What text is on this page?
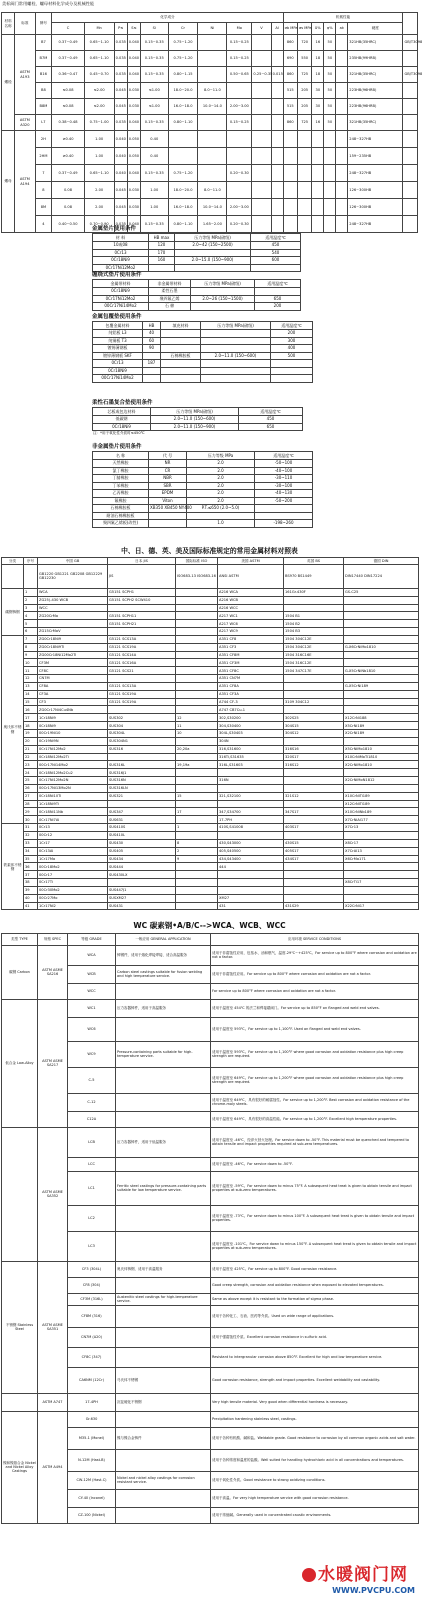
美标阀门常用螺栓、螺母材料化学成分及机械性能
材料名称	标准	牌号	化学成分										机械性能						
			C	Mn	P≤	S≤	Si	Cr	Ni	Mo	V	Al	σb MPa	σs MPa	δ%	ψ%	ak	硬度	
螺栓	ASTM A193	B7	0.37~0.49	0.65~1.10	0.035	0.040	0.15~0.35	0.75~1.20		0.15~0.25			860	720	16	50		321HB(35HRC)	GB/T3098
		B7M	0.37~0.49	0.65~1.10	0.035	0.040	0.15~0.35	0.75~1.20		0.15~0.25			690	550	18	50		235HB(99HRB)	
		B16	0.36~0.47	0.45~0.70	0.035	0.040	0.15~0.35	0.80~1.15		0.50~0.65	0.25~0.35	0.015	860	725	18	50		321HB(35HRC)	GB/T3098
		B8	≤0.08	≤2.00	0.045	0.030	≤1.00	18.0~20.0	8.0~11.0				515	205	30	50		223HB(96HRB)	
		B8M	≤0.08	≤2.00	0.045	0.030	≤1.00	16.0~18.0	10.0~14.0	2.00~3.00			515	205	30	50		223HB(96HRB)	
	ASTM A320	L7	0.38~0.48	0.75~1.00	0.035	0.040	0.15~0.35	0.80~1.10		0.15~0.25			860	725	16	50		321HB(35HRC)	
螺母	ASTM A194	2H	≥0.40	1.00	0.040	0.050	0.40											248~327HB	
		2HM	≥0.40	1.00	0.040	0.050	0.40											159~235HB	
		7	0.37~0.49	0.65~1.10	0.040	0.040	0.15~0.35	0.75~1.20		0.20~0.30								248~327HB	
		8	0.08	2.00	0.045	0.030	1.00	18.0~20.0	8.0~11.0									126~300HB	
		8M	0.08	2.00	0.045	0.030	1.00	16.0~18.0	10.0~14.0	2.00~3.00								126~300HB	
		4	0.40~0.50	0.70~0.90	0.035	0.040	0.15~0.35	0.80~1.10	1.65~2.00	0.20~0.30								248~327HB	
金属垫片使用条件
材 料	HB max	压力等级 MPa(磅级)	适用温度℃
10或08	120	2.0~42 (150~2500)	450
0Cr13	170		540
0Cr18Ni9	160	2.0~15.0 (150~900)	600
0Cr17Ni12Mo2			
缠绕式垫片使用条件
金属带材料	非金属带材料	压力等级 MPa(磅级)	适用温度℃
0Cr18Ni9	柔性石墨		
0Cr17Ni12Mo2	聚四氟乙烯	2.0~26 (150~1500)	650
00Cr17Ni14Mo2	石 棉		200
金属包覆垫使用条件
包覆金属材料	HB	填充材料	压力等级 MPa(磅级)	适用温度℃
纯铝板 L3	40			200
纯铜板 T3	60			300
镀锡薄钢板	90			400
镀锌薄钢板 SKF		石棉橡胶板	2.0~11.0 (150~600)	500
0Cr13	187			
0Cr18Ni9				
00Cr17Ni14Mo2				
柔性石墨复合垫使用条件
芯板或包边材料	压力等级 MPa(磅级)	适用温度℃
低碳钢	2.0~11.0 (150~600)	450
0Cr18Ni9	2.0~11.0 (150~900)	650
注：*用于氧化性介质时≤450℃
非金属垫片使用条件
名 称	代 号	压力等级 MPa	适用温度℃
天然橡胶	NR	2.0	-50~100
氯丁橡胶	CR	2.0	-40~100
丁腈橡胶	NBR	2.0	-30~110
丁苯橡胶	SBR	2.0	-30~100
乙丙橡胶	EPDM	2.0	-40~130
氟橡胶	Viton	2.0	-50~200
石棉橡胶板	XB350 XB450 NY400	P.T.≤650 (2.0~5.0)	
耐油石棉橡胶板			
聚四氟乙烯板(改性)		1.0	-198~260
中、日、德、英、美及国际标准规定的常用金属材料对照表
分类	序号	中国 GB	日本 JIS	国际标准 ISO	美国 ASTM	英国 BS	德国 DIN
		GB1220 GB1221 GB2208 GB12229 GB12230	JIS	ISO683-13 ISO683-16	ANSI ASTM	BS970 BS1449	DIN17440 DIN17224
碳钢铸钢	1	WCA	G5151 SCPH1		A216 WCA	161Gr.430F	GS-C25
	2	ZG25(-430 WCB	G5151 SCPH2 SCW410		A216 WCB		
	3	WCC			A216 WCC		
	4	ZG20CrMo	G5151 SCPH11		A217 WC1	1504 B1	
	5		G5151 SCPH21		A217 WC6	1504 B2	
	6	ZG15CrMoV			A217 WC9	1504 B3	
奥氏体不锈钢	7	ZG0Cr18Ni9	G5121 SCS13A		A351 CF8	1504 304C12E	
	8	ZG0Cr18Ni9Ti	G5121 SCS19A		A351 CF3	1504 304C12E	G-X6CrNiMo1810
	9	ZG00Cr18Ni12Mo2Ti	G5121 SCS14A		A351 CF8M	1504 316C16E	
	10	CF3M	G5121 SCS16A		A351 CF3M	1504 316C12E	
	11	CF8C	G5121 SCS21		A351 CF8C	1504 347C17E	G-X5CrNiNb1810
	12	CN7M			A351 CN7M		
	13	CF8A	G5121 SCS13A		A351 CF8A		G-X5CrNi189
	14	CF3A	G5121 SCS19A		A351 CF3A		
	15	CF3	G5121 SCS19A		A744 CF-3	3109 304C12	
	16	ZG0Cr17Ni4Cu4Nb			A747 CB7Cu-1		
	17	1Cr18Ni9	SUS302	12	302,S30200	302S25	X12CrNi188
	18	0Cr18Ni9	SUS304	11	304,S30400	304S15	X5CrNi189
	19	00Cr19Ni10	SUS304L	10	304L,S30403	304S12	X2CrNi189
	20	0Cr19Ni9N	SUS304N1		304N		
	21	0Cr17Ni12Mo2	SUS316	20,20a	316,S31600	316S16	X5CrNiMo1810
	22	0Cr18Ni12Mo2Ti			316Ti,S31635	320S17	X10CrNiMoTi1810
	23	00Cr17Ni14Mo2	SUS316L	19,19a	316L,S31603	316S12	X2CrNiMo1810
	24	0Cr18Ni12Mo2Cu2	SUS316J1				
	25	0Cr17Ni12Mo2N	SUS316N		316N		X2CrNiMoN1812
	26	00Cr17Ni13Mo2N	SUS316LN				
	27	0Cr18Ni10Ti	SUS321	15	321,S32100	321S12	X10CrNiTi189
	28	1Cr18Ni9Ti					X12CrNiTi189
	29	0Cr18Ni11Nb	SUS347	17	347,S34700	347S17	X10CrNiNb189
	30	0Cr17Ni7Al	SUS631		17-7PH		X7CrNiAl177
铁素体不锈钢	31	0Cr13	SUS410S	1	410S,S41008	403S17	X7Cr13
	32	00Cr12	SUS410L				
	33	1Cr17	SUS430	8	430,S43000	430S15	X8Cr17
	34	0Cr13Al	SUS405	2	405,S40500	405S17	X7CrAl13
	35	1Cr17Mo	SUS434	9	434,S43400	434S17	X6CrMo171
	36	00Cr18Mo2	SUS444		444		
	37	00Cr17	SUS430LX				
	38	0Cr17Ti					X8CrTi17
	39	00Cr30Mo2	SUS447J1				
	40	00Cr27Mo	SUSXM27		XM27		
	41	1Cr17Ni2	SUS431		431	431S29	X22CrNi17
WC 碳素钢•A/B/C-->WCA、WCB、WCC
类型 TYPE	规格 SPEC	等级 GRADE	一般应用 GENERAL APPLICATION	应用环境 SERVICE CONDITIONS
碳钢 Carbon	ASTM ASME SA216	WCA	铸钢件，适用于熔化焊接焊接、适合高温服务	适用于非腐蚀性应用，包括水、油和燃气，温度-29℃~+425℃。For service up to 800°F where corrosion and oxidation are not a factor.
		WCB	Carbon steel castings suitable for fusion welding and high temperature service.	适用于非腐蚀性应用。For service up to 800°F where corrosion and oxidation are not a factor.
		WCC		For service up to 800°F where corrosion and oxidation are not a factor.
低合金 Low-Alloy	ASTM ASME SA217	WC1	压力容器铸件，适用于高温服务	适用于温度至 454℃ 的法兰和焊接端阀门。For service up to 850°F on flanged and weld end valves.
		WC6		适用于温度至 593℃。For service up to 1,100°F. Used on flanged and weld end valves.
		WC9	Pressure-containing parts suitable for high-temperature service.	适用于温度至 593℃。For service up to 1,100°F where good corrosion and oxidation resistance plus high creep strength are required.
		C-5		适用于温度至 649℃。For service up to 1,200°F where good corrosion and oxidation resistance plus high creep strength are required.
		C-12		适用于温度至 649℃，具有很好的耐腐蚀性。For service up to 1,200°F. Best corrosion and oxidation resistance of the chrome-moly steels.
		C12A		适用于温度至 649℃，具有很好的高温性能。For service up to 1,200°F. Excellent high temperature properties.
	ASTM ASME SA352	LCB	压力容器铸件，适用于低温服务	适用于温度至 -46℃，经淬火回火处理。For service down to -50°F. This material must be quenched and tempered to obtain tensile and impact properties required at sub-zero temperatures.
		LCC		适用于温度至 -46℃。For service down to -50°F.
		LC1	Ferritic steel castings for pressure-containing parts suitable for low temperature service.	适用于温度至 -59℃。For service down to minus 75°F. A subsequent heat treat is given to obtain tensile and impact properties at sub-zero temperatures.
		LC2		适用于温度至 -73℃。For service down to minus 100°F. A subsequent heat treat is given to obtain tensile and impact properties.
		LC3		适用于温度至 -101℃。For service down to minus 150°F. A subsequent heat treat is given to obtain tensile and impact properties at sub-zero temperatures.
不锈钢 Stainless Steel	ASTM ASME SA351	CF3 (304L)	奥氏体铸钢，适用于高温服务	适用于温度至 425℃。For service up to 800°F. Good corrosion resistance.
		CF8 (304)		Good creep strength, corrosion and oxidation resistance when exposed to elevated temperatures.
		CF3M (316L)	Austenitic steel castings for high-temperature service.	Same as above except it is resistant to the formation of sigma phase.
		CF8M (316)		适用于各种化工、石油、医药等介质。Used on wide range of applications.
		CN7M (A20)		适用于强腐蚀性介质。Excellent corrosion resistance in sulfuric acid.
		CF8C (347)		Resistant to intergranular corrosion above 850°F. Excellent for high and low temperature service.
		CA6NM (12Cr)	马氏体不锈钢	Good corrosion resistance, strength and impact properties. Excellent weldability and castability.
	ASTM A747	17-4PH	沉淀硬化不锈钢	Very high tensile material. Very good when differential hardness is necessary.
镍和镍基合金 Nickel and Nickel Alloy Castings	ASTM A494	Gr.630		Precipitation hardening stainless steel, castings.
		M35-1 (Monel)	镍与镍合金铸件	适用于各种有机酸、碱和盐。Weldable grade. Good resistance to corrosion by all common organic acids and salt water.
		N-12M (Hast-B)		适用于各种浓度和温度的盐酸。Well suited for handling hydrochloric acid in all concentrations and temperatures.
		CW-12M (Hast-C)	Nickel and nickel alloy castings for corrosion resistant service.	适用于氧化性介质。Good resistance to strong oxidizing conditions.
		CY-40 (Inconel)		适用于高温。For very high temperature service with good corrosion resistance.
		CZ-100 (Nickel)		适用于浓缩碱。Generally used in concentrated caustic environments.
水暖阀门网
WWW.PVCPU.COM
